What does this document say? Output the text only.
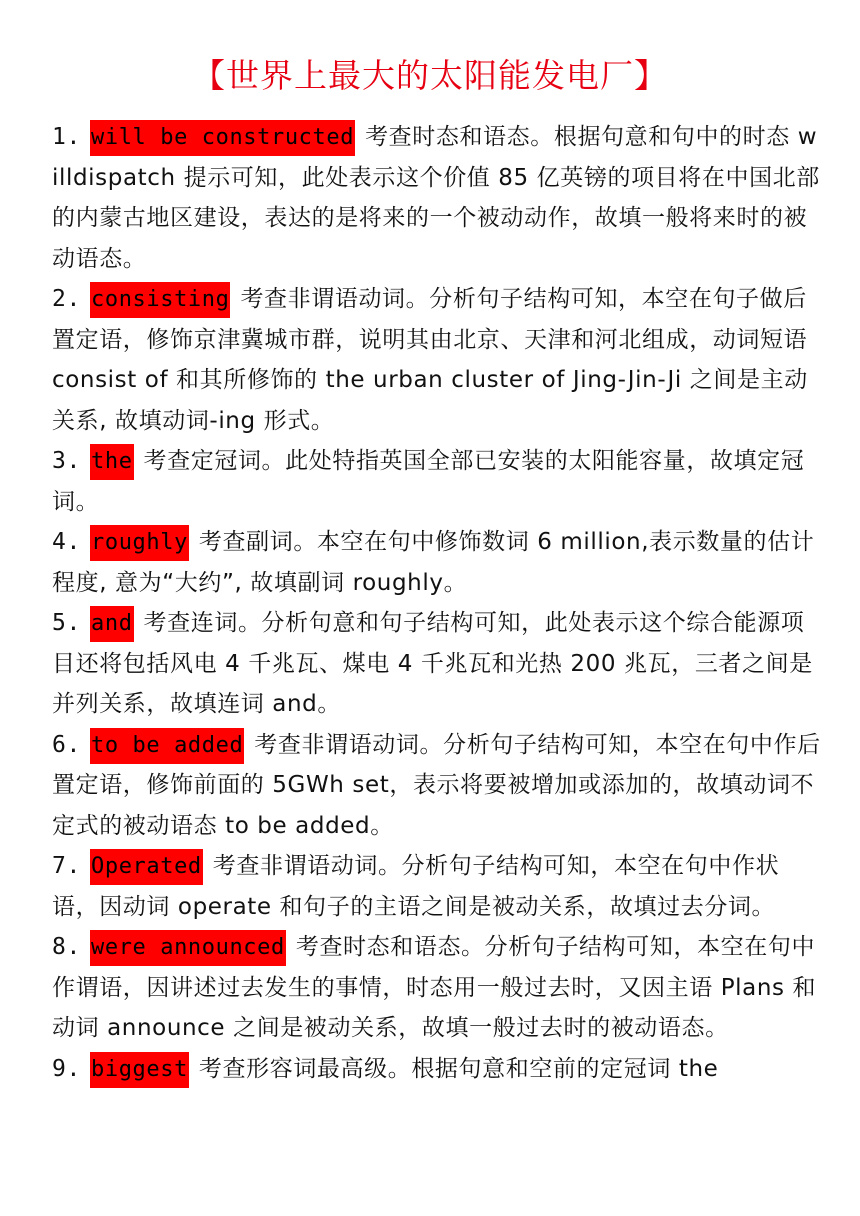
【世界上最大的太阳能发电厂】

1. will be constructed 考查时态和语态。根据句意和句中的时态 willdispatch 提示可知，此处表示这个价值 85 亿英镑的项目将在中国北部的内蒙古地区建设，表达的是将来的一个被动动作，故填一般将来时的被动语态。

2. consisting 考查非谓语动词。分析句子结构可知，本空在句子做后置定语，修饰京津冀城市群，说明其由北京、天津和河北组成，动词短语 consist of 和其所修饰的 the urban cluster of Jing-Jin-Ji 之间是主动关系, 故填动词-ing 形式。

3. the 考查定冠词。此处特指英国全部已安装的太阳能容量，故填定冠词。

4. roughly 考查副词。本空在句中修饰数词 6 million,表示数量的估计程度, 意为“大约”, 故填副词 roughly。

5. and 考查连词。分析句意和句子结构可知，此处表示这个综合能源项目还将包括风电 4 千兆瓦、煤电 4 千兆瓦和光热 200 兆瓦，三者之间是并列关系，故填连词 and。

6. to be added 考查非谓语动词。分析句子结构可知，本空在句中作后置定语，修饰前面的 5GWh set，表示将要被增加或添加的，故填动词不定式的被动语态 to be added。

7. Operated 考查非谓语动词。分析句子结构可知，本空在句中作状语，因动词 operate 和句子的主语之间是被动关系，故填过去分词。

8. were announced 考查时态和语态。分析句子结构可知，本空在句中作谓语，因讲述过去发生的事情，时态用一般过去时，又因主语 Plans 和动词 announce 之间是被动关系，故填一般过去时的被动语态。

9. biggest 考查形容词最高级。根据句意和空前的定冠词 the
